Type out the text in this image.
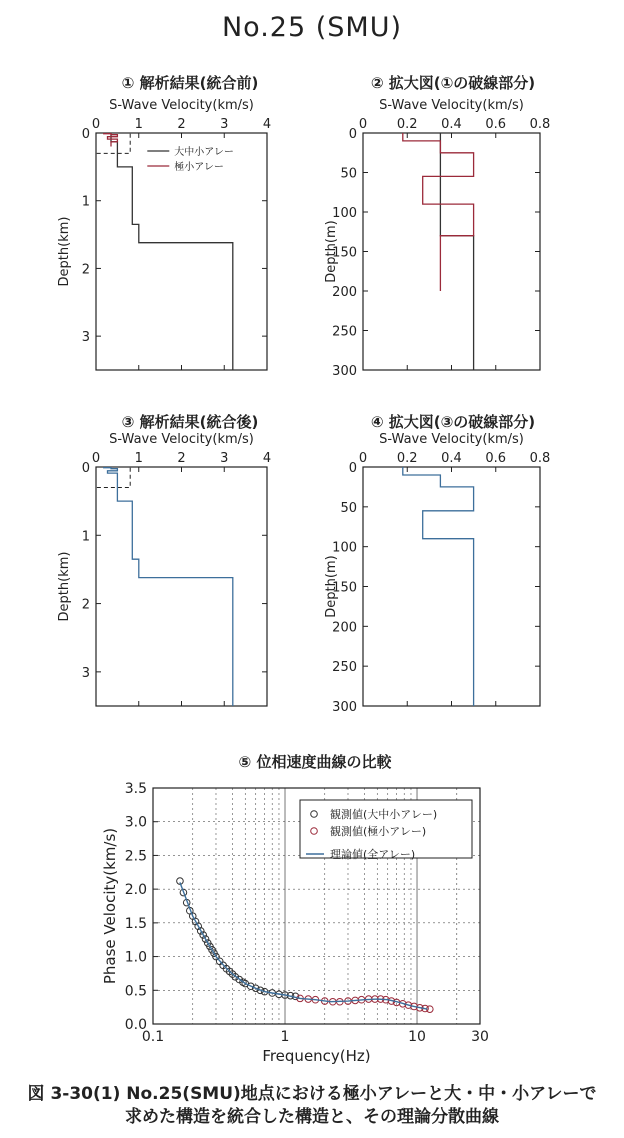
No.25 (SMU)
① 解析結果(統合前)	② 拡大図(①の破線部分)
③ 解析結果(統合後)	④ 拡大図(③の破線部分)
⑤ 位相速度曲線の比較
S-Wave Velocity(km/s)
Depth(km)
0	1	2	3	4
0
1
2
3
大中小アレー
極小アレー
S-Wave Velocity(km/s)
Depth(m)
0 0.2 0.4 0.6 0.8
0
50
100
150
200
250
300
S-Wave Velocity(km/s)
Depth(km)
0	1	2	3	4
0
1
2
3
S-Wave Velocity(km/s)
Depth(m)
0 0.2 0.4 0.6 0.8
0
50
100
150
200
250
300
0.1	1	10	30
0.0
0.5
1.0
1.5
2.0
2.5
3.0
3.5
Frequency(Hz)
Phase Velocity(km/s)
観測値(大中小アレー)
観測値(極小アレー)
理論値(全アレー)
図 3-30(1) No.25(SMU)地点における極小アレーと大・中・小アレーで
求めた構造を統合した構造と、その理論分散曲線
